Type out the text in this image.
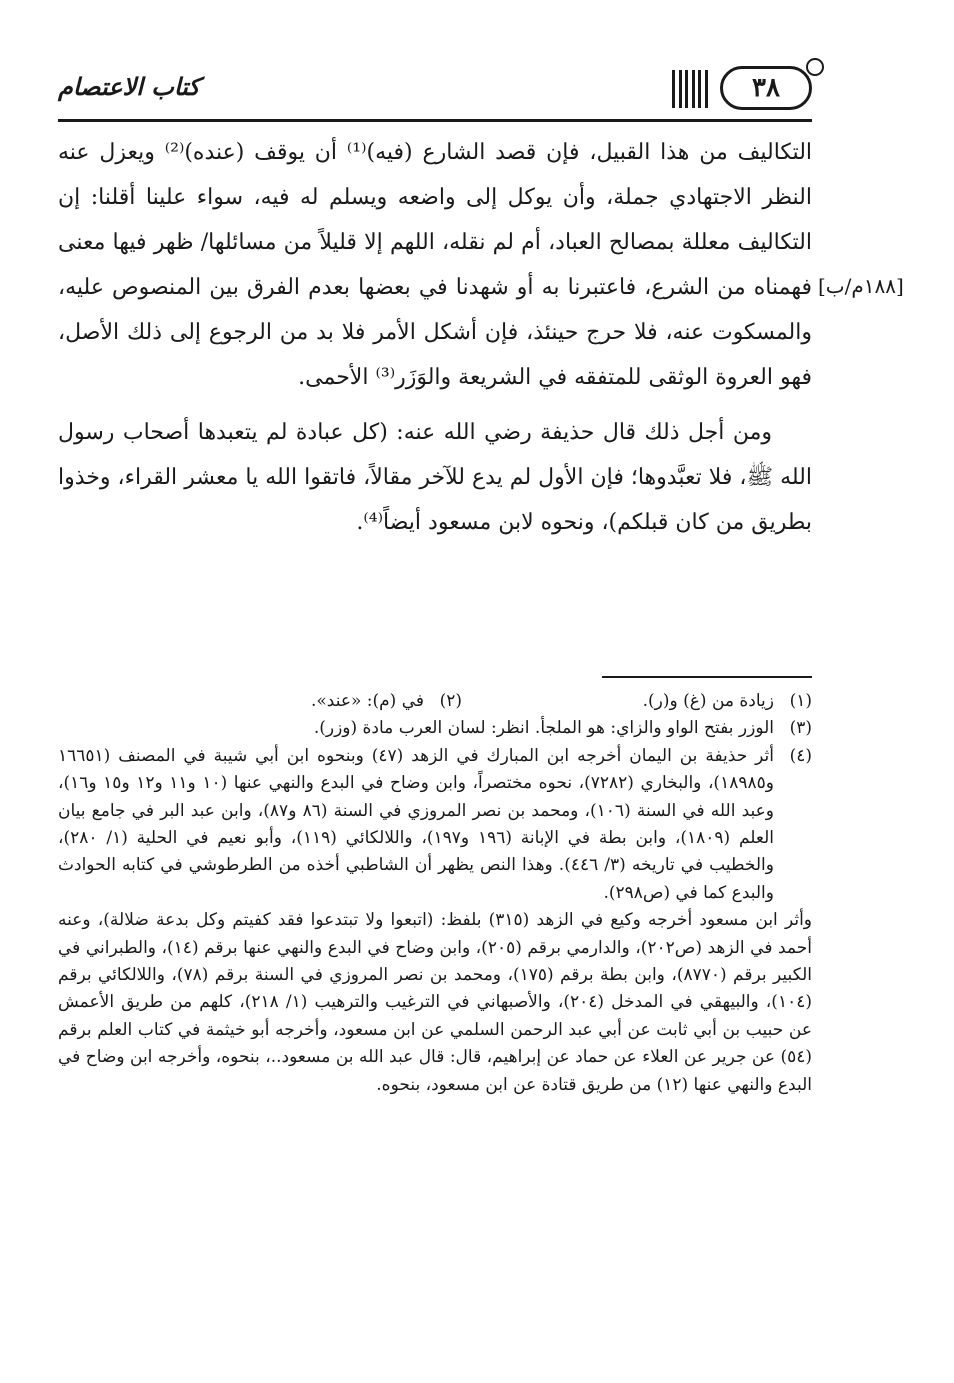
كتاب الاعتصام	٣٨
[١٨٨م/ب]

التكاليف من هذا القبيل، فإن قصد الشارع (فيه)⁽¹⁾ أن يوقف (عنده)⁽²⁾ ويعزل عنه النظر الاجتهادي جملة، وأن يوكل إلى واضعه ويسلم له فيه، سواء علينا أقلنا: إن التكاليف معللة بمصالح العباد، أم لم نقله، اللهم إلا قليلاً من مسائلها/ ظهر فيها معنى فهمناه من الشرع، فاعتبرنا به أو شهدنا في بعضها بعدم الفرق بين المنصوص عليه، والمسكوت عنه، فلا حرج حينئذ، فإن أشكل الأمر فلا بد من الرجوع إلى ذلك الأصل، فهو العروة الوثقى للمتفقه في الشريعة والوَزَر⁽³⁾ الأحمى.

ومن أجل ذلك قال حذيفة رضي الله عنه: (كل عبادة لم يتعبدها أصحاب رسول الله ﷺ، فلا تعبَّدوها؛ فإن الأول لم يدع للآخر مقالاً، فاتقوا الله يا معشر القراء، وخذوا بطريق من كان قبلكم)، ونحوه لابن مسعود أيضاً⁽⁴⁾.

(١)
زيادة من (غ) و(ر).
(٢)
في (م): «عند».
(٣)
الوزر بفتح الواو والزاي: هو الملجأ. انظر: لسان العرب مادة (وزر).
(٤)
أثر حذيفة بن اليمان أخرجه ابن المبارك في الزهد (٤٧) وبنحوه ابن أبي شيبة في المصنف (١٦٦٥١ و١٨٩٨٥)، والبخاري (٧٢٨٢)، نحوه مختصراً، وابن وضاح في البدع والنهي عنها (١٠ و١١ و١٢ و١٥ و١٦)، وعبد الله في السنة (١٠٦)، ومحمد بن نصر المروزي في السنة (٨٦ و٨٧)، وابن عبد البر في جامع بيان العلم (١٨٠٩)، وابن بطة في الإبانة (١٩٦ و١٩٧)، واللالكائي (١١٩)، وأبو نعيم في الحلية (١/ ٢٨٠)، والخطيب في تاريخه (٣/ ٤٤٦). وهذا النص يظهر أن الشاطبي أخذه من الطرطوشي في كتابه الحوادث والبدع كما في (ص٢٩٨).
وأثر ابن مسعود أخرجه وكيع في الزهد (٣١٥) بلفظ: (اتبعوا ولا تبتدعوا فقد كفيتم وكل بدعة ضلالة)، وعنه أحمد في الزهد (ص٢٠٢)، والدارمي برقم (٢٠٥)، وابن وضاح في البدع والنهي عنها برقم (١٤)، والطبراني في الكبير برقم (٨٧٧٠)، وابن بطة برقم (١٧٥)، ومحمد بن نصر المروزي في السنة برقم (٧٨)، واللالكائي برقم (١٠٤)، والبيهقي في المدخل (٢٠٤)، والأصبهاني في الترغيب والترهيب (١/ ٢١٨)، كلهم من طريق الأعمش عن حبيب بن أبي ثابت عن أبي عبد الرحمن السلمي عن ابن مسعود، وأخرجه أبو خيثمة في كتاب العلم برقم (٥٤) عن جرير عن العلاء عن حماد عن إبراهيم، قال: قال عبد الله بن مسعود..، بنحوه، وأخرجه ابن وضاح في البدع والنهي عنها (١٢) من طريق قتادة عن ابن مسعود، بنحوه.
